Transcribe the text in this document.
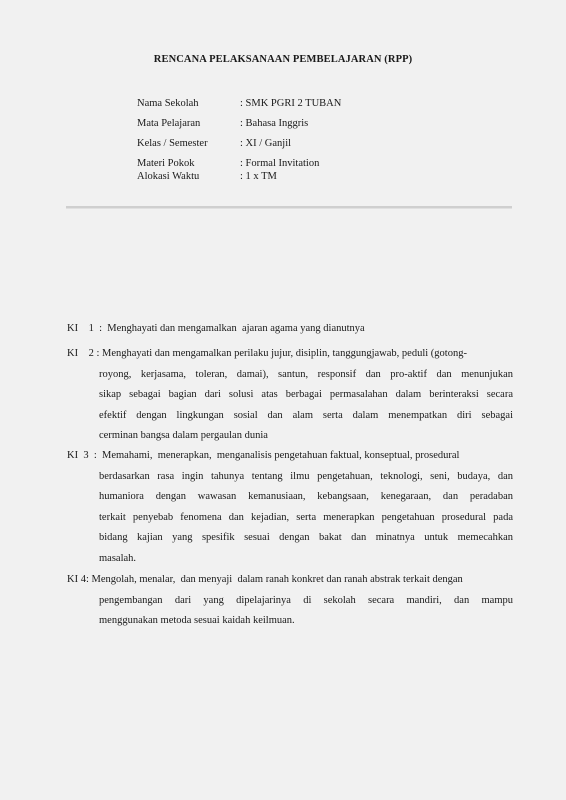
RENCANA PELAKSANAAN PEMBELAJARAN (RPP)
Nama Sekolah	: SMK PGRI 2 TUBAN
Mata Pelajaran	: Bahasa Inggris
Kelas / Semester	: XI / Ganjil
Materi Pokok	: Formal Invitation
Alokasi Waktu	: 1 x TM
KI    1  :  Menghayati dan mengamalkan  ajaran agama yang dianutnya
KI    2 : Menghayati dan mengamalkan perilaku jujur, disiplin, tanggungjawab, peduli (gotong-
royong, kerjasama, toleran, damai), santun, responsif dan pro-aktif dan menunjukan
sikap sebagai bagian dari solusi atas berbagai permasalahan dalam berinteraksi secara
efektif dengan lingkungan sosial dan alam serta dalam menempatkan diri sebagai
cerminan bangsa dalam pergaulan dunia
KI  3  :  Memahami,  menerapkan,  menganalisis pengetahuan faktual, konseptual, prosedural
berdasarkan rasa ingin tahunya tentang ilmu pengetahuan, teknologi, seni, budaya, dan
humaniora dengan wawasan kemanusiaan, kebangsaan, kenegaraan, dan peradaban
terkait penyebab fenomena dan kejadian, serta menerapkan pengetahuan prosedural pada
bidang kajian yang spesifik sesuai dengan bakat dan minatnya untuk memecahkan
masalah.
KI 4: Mengolah, menalar,  dan menyaji  dalam ranah konkret dan ranah abstrak terkait dengan
pengembangan dari yang dipelajarinya di sekolah secara mandiri, dan mampu
menggunakan metoda sesuai kaidah keilmuan.
